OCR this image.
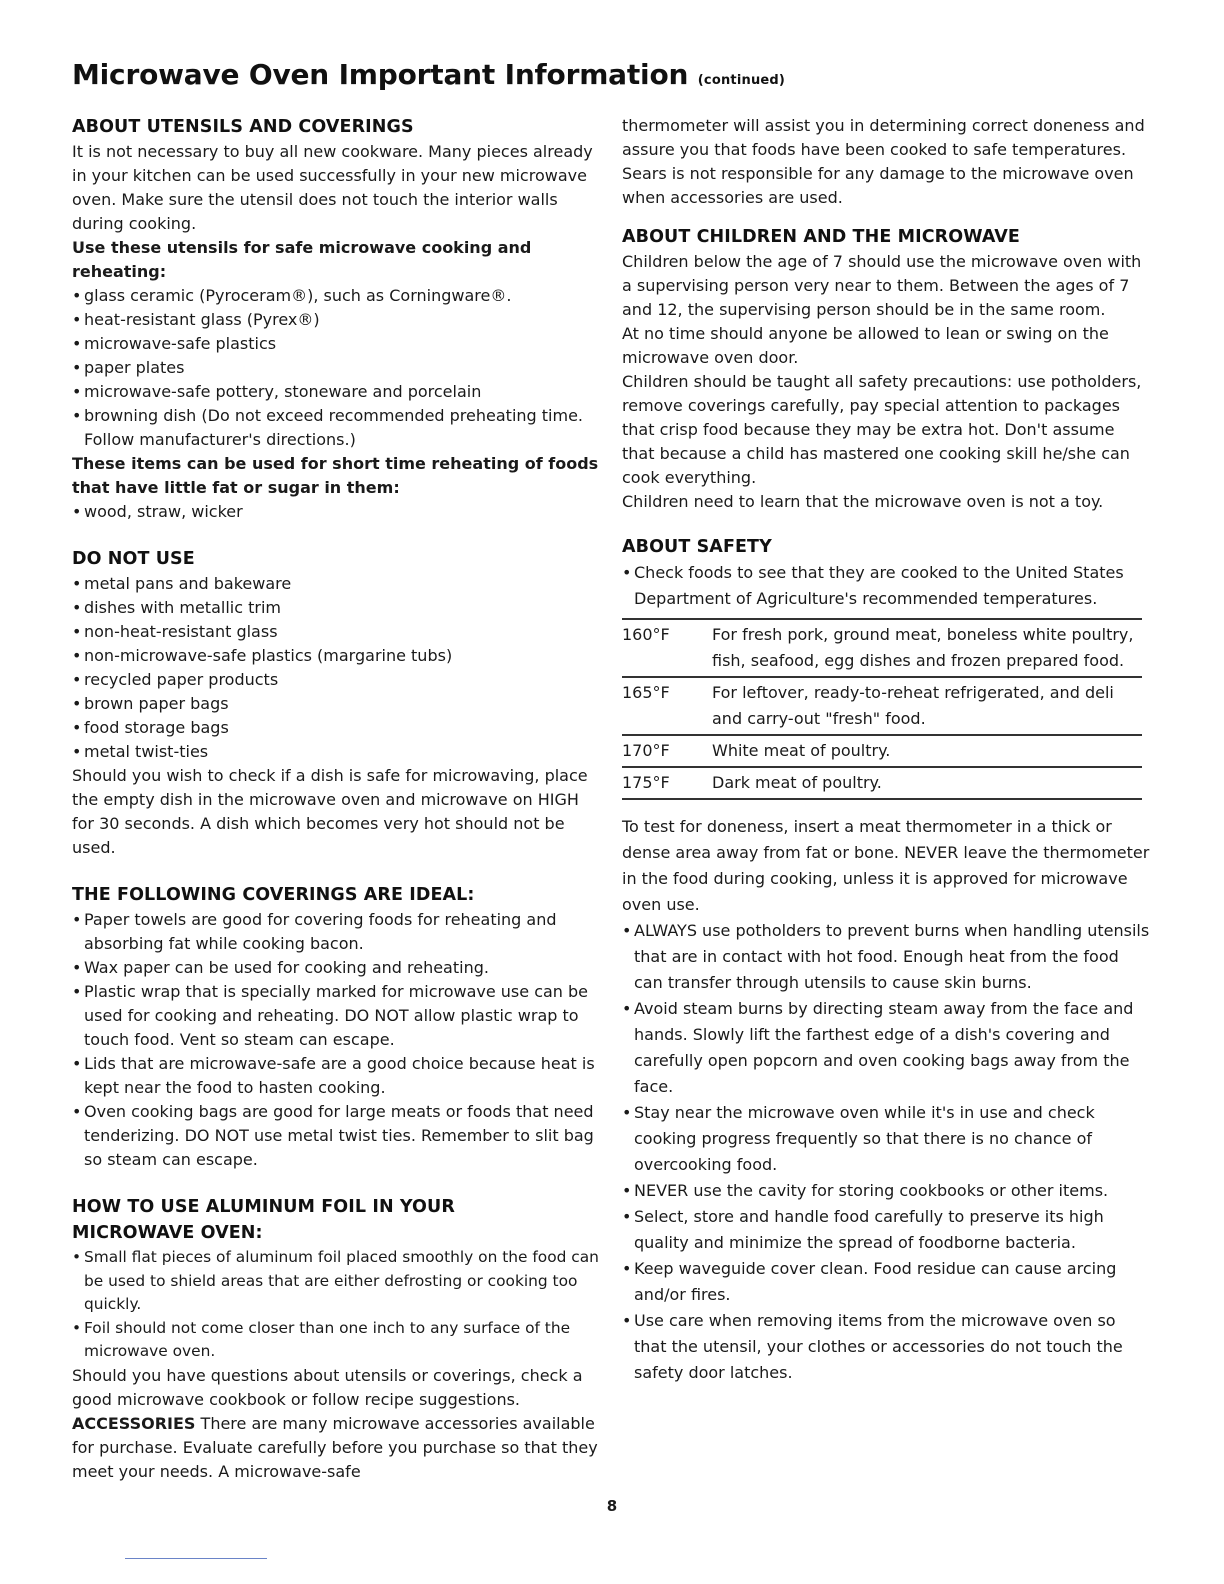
Microwave Oven Important Information (continued)
ABOUT UTENSILS AND COVERINGS

It is not necessary to buy all new cookware. Many pieces already in your kitchen can be used successfully in your new microwave oven. Make sure the utensil does not touch the interior walls during cooking.

Use these utensils for safe microwave cooking and reheating:

• glass ceramic (Pyroceram®), such as Corningware®.
• heat-resistant glass (Pyrex®)
• microwave-safe plastics
• paper plates
• microwave-safe pottery, stoneware and porcelain
• browning dish (Do not exceed recommended preheating time. Follow manufacturer's directions.)

These items can be used for short time reheating of foods that have little fat or sugar in them:

• wood, straw, wicker
DO NOT USE
• metal pans and bakeware
• dishes with metallic trim
• non-heat-resistant glass
• non-microwave-safe plastics (margarine tubs)
• recycled paper products
• brown paper bags
• food storage bags
• metal twist-ties

Should you wish to check if a dish is safe for microwaving, place the empty dish in the microwave oven and microwave on HIGH for 30 seconds. A dish which becomes very hot should not be used.

THE FOLLOWING COVERINGS ARE IDEAL:
• Paper towels are good for covering foods for reheating and absorbing fat while cooking bacon.
• Wax paper can be used for cooking and reheating.
• Plastic wrap that is specially marked for microwave use can be used for cooking and reheating. DO NOT allow plastic wrap to touch food. Vent so steam can escape.
• Lids that are microwave-safe are a good choice because heat is kept near the food to hasten cooking.
• Oven cooking bags are good for large meats or foods that need tenderizing. DO NOT use metal twist ties. Remember to slit bag so steam can escape.
HOW TO USE ALUMINUM FOIL IN YOUR
MICROWAVE OVEN:
• Small flat pieces of aluminum foil placed smoothly on the food can be used to shield areas that are either defrosting or cooking too quickly.
• Foil should not come closer than one inch to any surface of the microwave oven.

Should you have questions about utensils or coverings, check a good microwave cookbook or follow recipe suggestions.

ACCESSORIES There are many microwave accessories available for purchase. Evaluate carefully before you purchase so that they meet your needs. A microwave-safe

thermometer will assist you in determining correct doneness and assure you that foods have been cooked to safe temperatures. Sears is not responsible for any damage to the microwave oven when accessories are used.

ABOUT CHILDREN AND THE MICROWAVE

Children below the age of 7 should use the microwave oven with a supervising person very near to them. Between the ages of 7 and 12, the supervising person should be in the same room.

At no time should anyone be allowed to lean or swing on the microwave oven door.

Children should be taught all safety precautions: use potholders, remove coverings carefully, pay special attention to packages that crisp food because they may be extra hot. Don't assume that because a child has mastered one cooking skill he/she can cook everything.

Children need to learn that the microwave oven is not a toy.

ABOUT SAFETY
• Check foods to see that they are cooked to the United States Department of Agriculture's recommended temperatures.
160°F	For fresh pork, ground meat, boneless white poultry, fish, seafood, egg dishes and frozen prepared food.
165°F	For leftover, ready-to-reheat refrigerated, and deli and carry-out "fresh" food.
170°F	White meat of poultry.
175°F	Dark meat of poultry.

To test for doneness, insert a meat thermometer in a thick or dense area away from fat or bone. NEVER leave the thermometer in the food during cooking, unless it is approved for microwave oven use.

• ALWAYS use potholders to prevent burns when handling utensils that are in contact with hot food. Enough heat from the food can transfer through utensils to cause skin burns.
• Avoid steam burns by directing steam away from the face and hands. Slowly lift the farthest edge of a dish's covering and carefully open popcorn and oven cooking bags away from the face.
• Stay near the microwave oven while it's in use and check cooking progress frequently so that there is no chance of overcooking food.
• NEVER use the cavity for storing cookbooks or other items.
• Select, store and handle food carefully to preserve its high quality and minimize the spread of foodborne bacteria.
• Keep waveguide cover clean. Food residue can cause arcing and/or fires.
• Use care when removing items from the microwave oven so that the utensil, your clothes or accessories do not touch the safety door latches.
8
